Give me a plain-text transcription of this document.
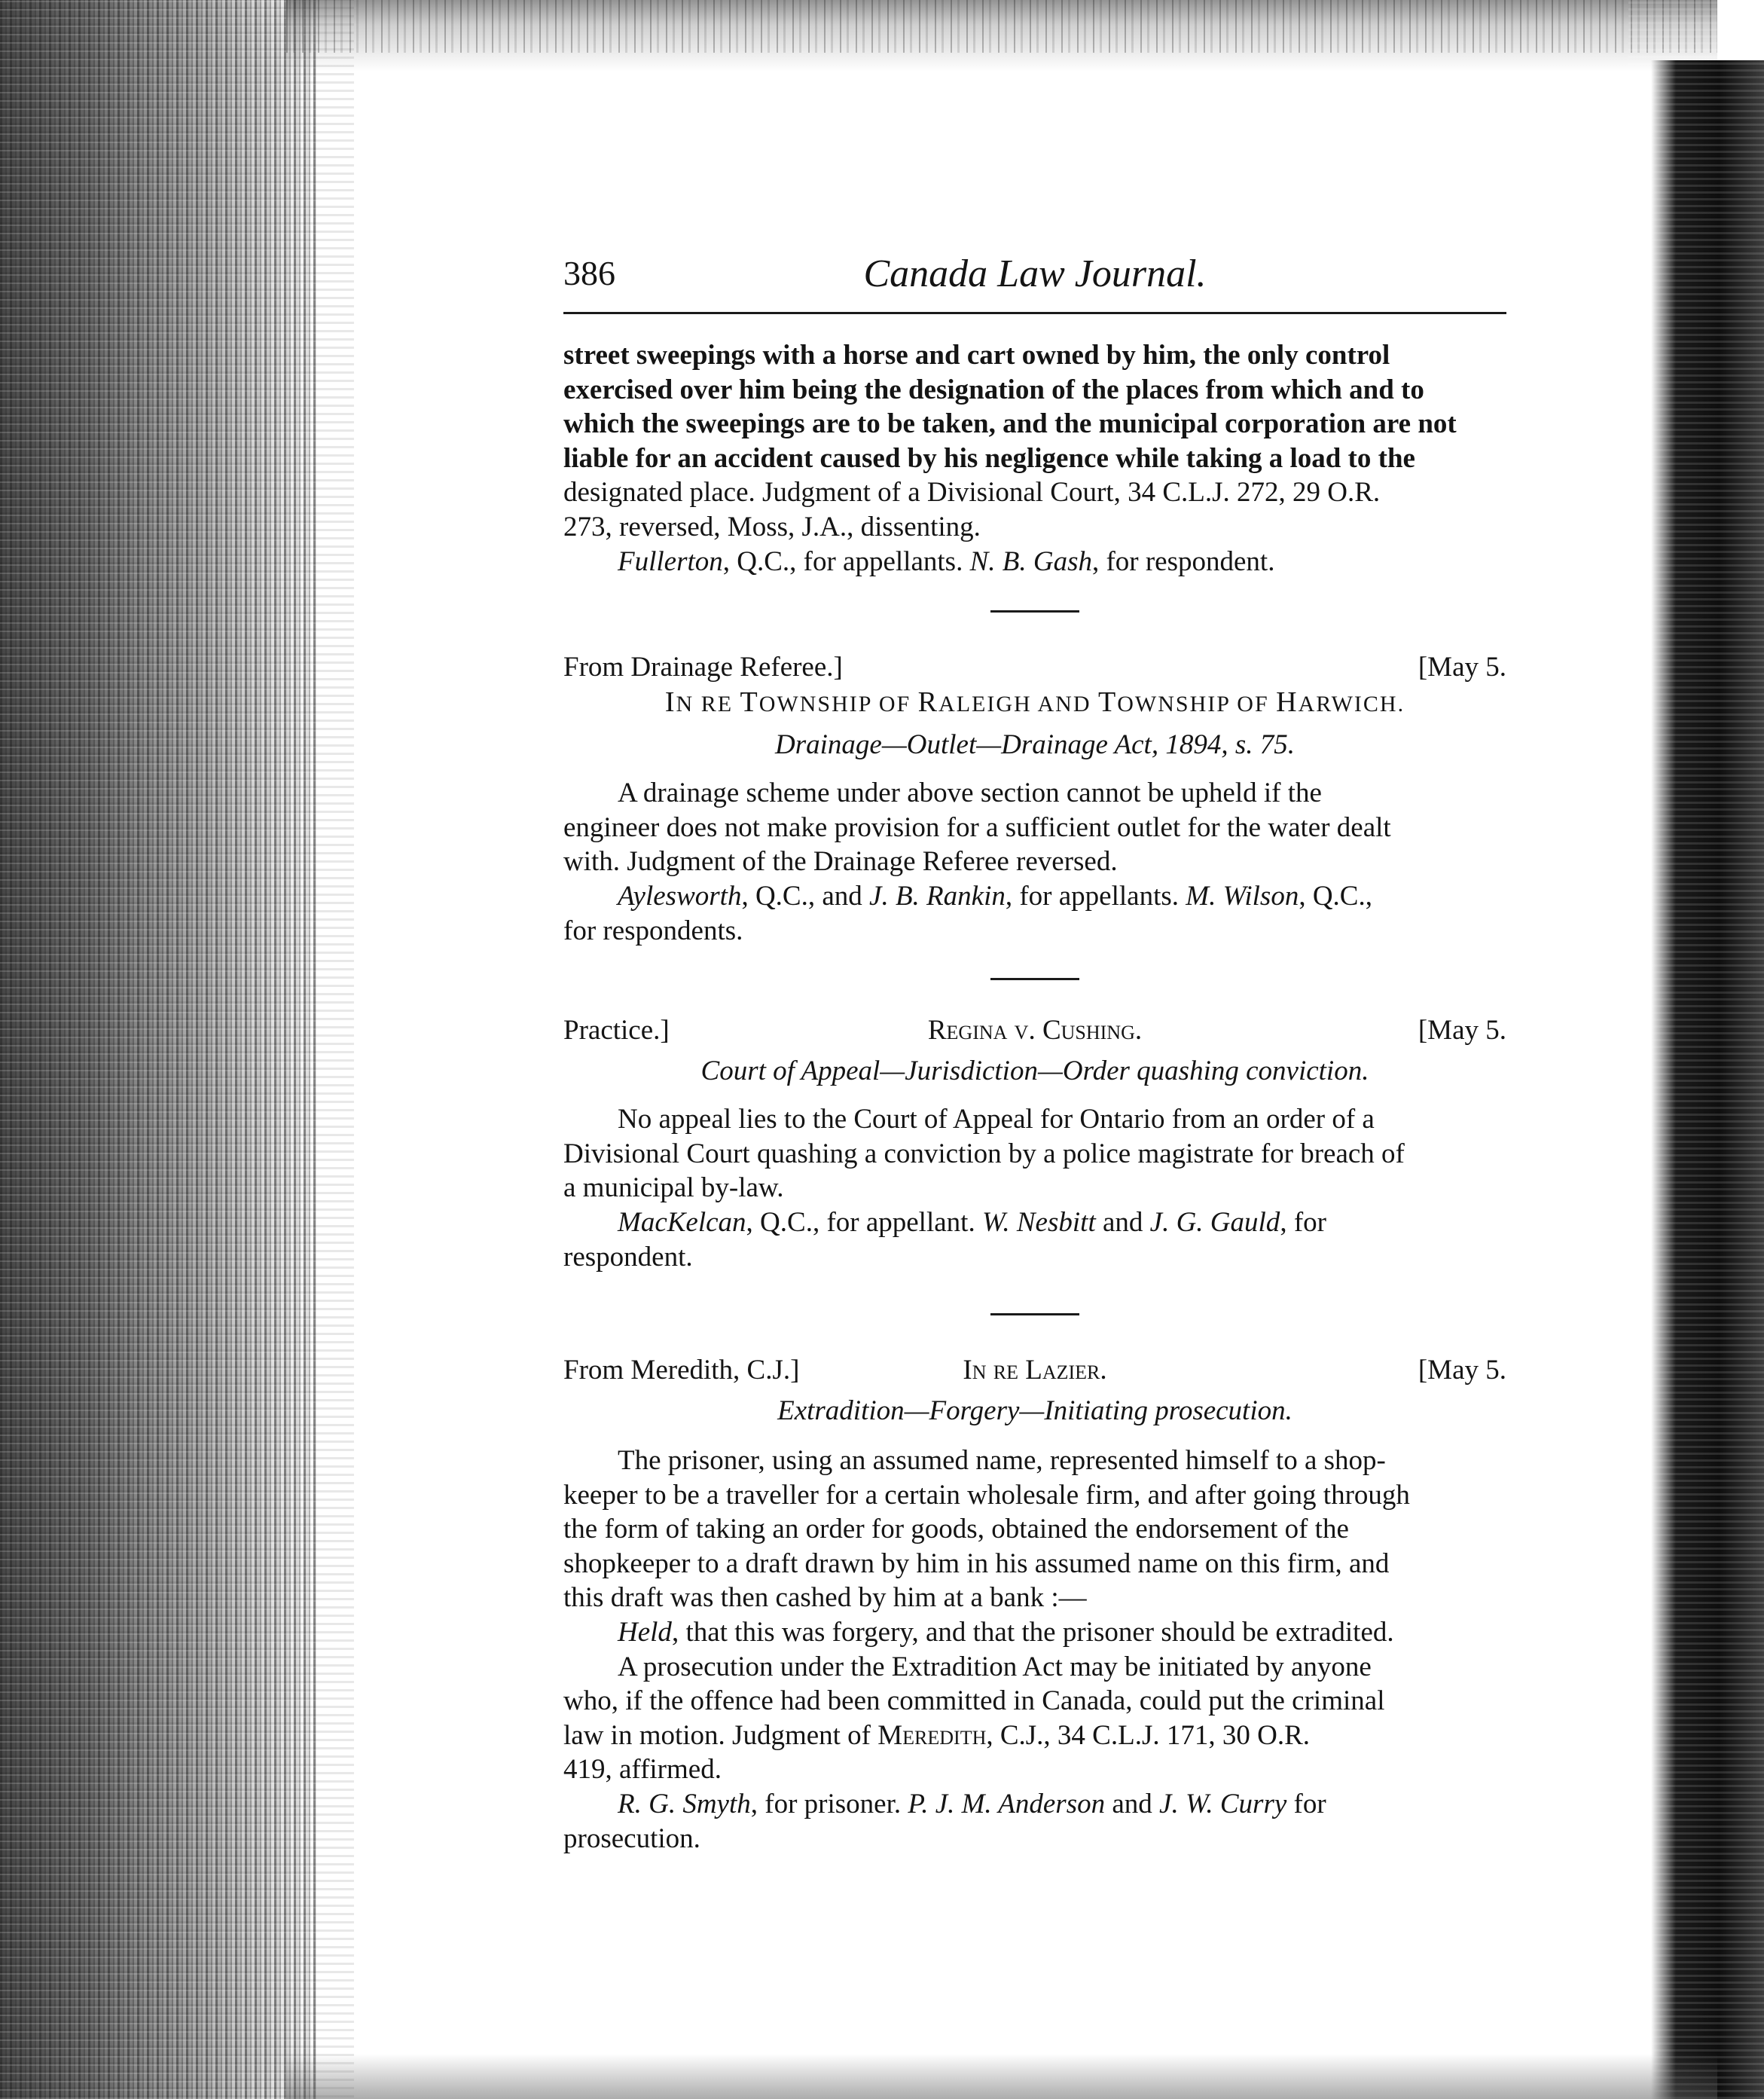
386	Canada Law Journal.
street sweepings with a horse and cart owned by him, the only control
exercised over him being the designation of the places from which and to
which the sweepings are to be taken, and the municipal corporation are not
liable for an accident caused by his negligence while taking a load to the
designated place. Judgment of a Divisional Court, 34 C.L.J. 272, 29 O.R.
273, reversed, Moss, J.A., dissenting.
Fullerton, Q.C., for appellants. N. B. Gash, for respondent.
From Drainage Referee.]	[May 5.
IN RE TOWNSHIP OF RALEIGH AND TOWNSHIP OF HARWICH.
Drainage—Outlet—Drainage Act, 1894, s. 75.
A drainage scheme under above section cannot be upheld if the
engineer does not make provision for a sufficient outlet for the water dealt
with. Judgment of the Drainage Referee reversed.
Aylesworth, Q.C., and J. B. Rankin, for appellants. M. Wilson, Q.C.,
for respondents.
Practice.]	Regina v. Cushing.	[May 5.
Court of Appeal—Jurisdiction—Order quashing conviction.
No appeal lies to the Court of Appeal for Ontario from an order of a
Divisional Court quashing a conviction by a police magistrate for breach of
a municipal by-law.
MacKelcan, Q.C., for appellant. W. Nesbitt and J. G. Gauld, for
respondent.
From Meredith, C.J.]	In re Lazier.	[May 5.
Extradition—Forgery—Initiating prosecution.
The prisoner, using an assumed name, represented himself to a shop-
keeper to be a traveller for a certain wholesale firm, and after going through
the form of taking an order for goods, obtained the endorsement of the
shopkeeper to a draft drawn by him in his assumed name on this firm, and
this draft was then cashed by him at a bank :—
Held, that this was forgery, and that the prisoner should be extradited.
A prosecution under the Extradition Act may be initiated by anyone
who, if the offence had been committed in Canada, could put the criminal
law in motion. Judgment of Meredith, C.J., 34 C.L.J. 171, 30 O.R.
419, affirmed.
R. G. Smyth, for prisoner. P. J. M. Anderson and J. W. Curry for
prosecution.
